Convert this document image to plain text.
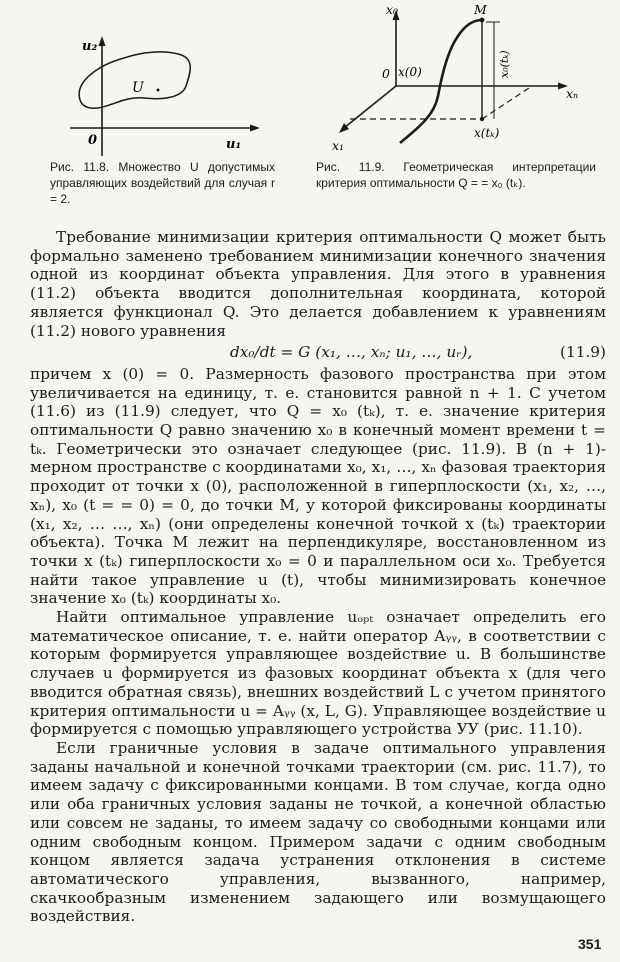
u₂
u₁
0
U
x₀
xₙ
x₁
0
M
x(0)
x(tₖ)
x₀(tₖ)
Рис. 11.8. Множество U допустимых управляющих воздействий для случая r = 2.
Рис. 11.9. Геометрическая интерпретации критерия оптимальности Q = = x₀ (tₖ).

Требование минимизации критерия оптимальности Q может быть формально заменено требованием минимизации конечного значения одной из координат объекта управления. Для этого в уравнения (11.2) объекта вводится дополнительная координата, которой является функционал Q. Это делается добавлением к уравнениям (11.2) нового уравнения

dx₀/dt = G (x₁, …, xₙ; u₁, …, uᵣ),	(11.9)

причем x (0) = 0. Размерность фазового пространства при этом увеличивается на единицу, т. е. становится равной n + 1. С учетом (11.6) из (11.9) следует, что Q = x₀ (tₖ), т. е. значение критерия оптимальности Q равно значению x₀ в конечный момент времени t = tₖ. Геометрически это означает следующее (рис. 11.9). В (n + 1)-мерном пространстве с координатами x₀, x₁, …, xₙ фазовая траектория проходит от точки x (0), расположенной в гиперплоскости (x₁, x₂, …, xₙ), x₀ (t = = 0) = 0, до точки M, у которой фиксированы координаты (x₁, x₂, … …, xₙ) (они определены конечной точкой x (tₖ) траектории объекта). Точка M лежит на перпендикуляре, восстановленном из точки x (tₖ) гиперплоскости x₀ = 0 и параллельном оси x₀. Требуется найти такое управление u (t), чтобы минимизировать конечное значение x₀ (tₖ) координаты x₀.

Найти оптимальное управление uₒₚₜ означает определить его математическое описание, т. е. найти оператор Aᵧᵧ, в соответствии с которым формируется управляющее воздействие u. В большинстве случаев u формируется из фазовых координат объекта x (для чего вводится обратная связь), внешних воздействий L с учетом принятого критерия оптимальности u = Aᵧᵧ (x, L, G). Управляющее воздействие u формируется с помощью управляющего устройства УУ (рис. 11.10).

Если граничные условия в задаче оптимального управления заданы начальной и конечной точками траектории (см. рис. 11.7), то имеем задачу с фиксированными концами. В том случае, когда одно или оба граничных условия заданы не точкой, а конечной областью или совсем не заданы, то имеем задачу со свободными концами или одним свободным концом. Примером задачи с одним свободным концом является задача устранения отклонения в системе автоматического управления, вызванного, например, скачкообразным изменением задающего или возмущающего воздействия.

351
